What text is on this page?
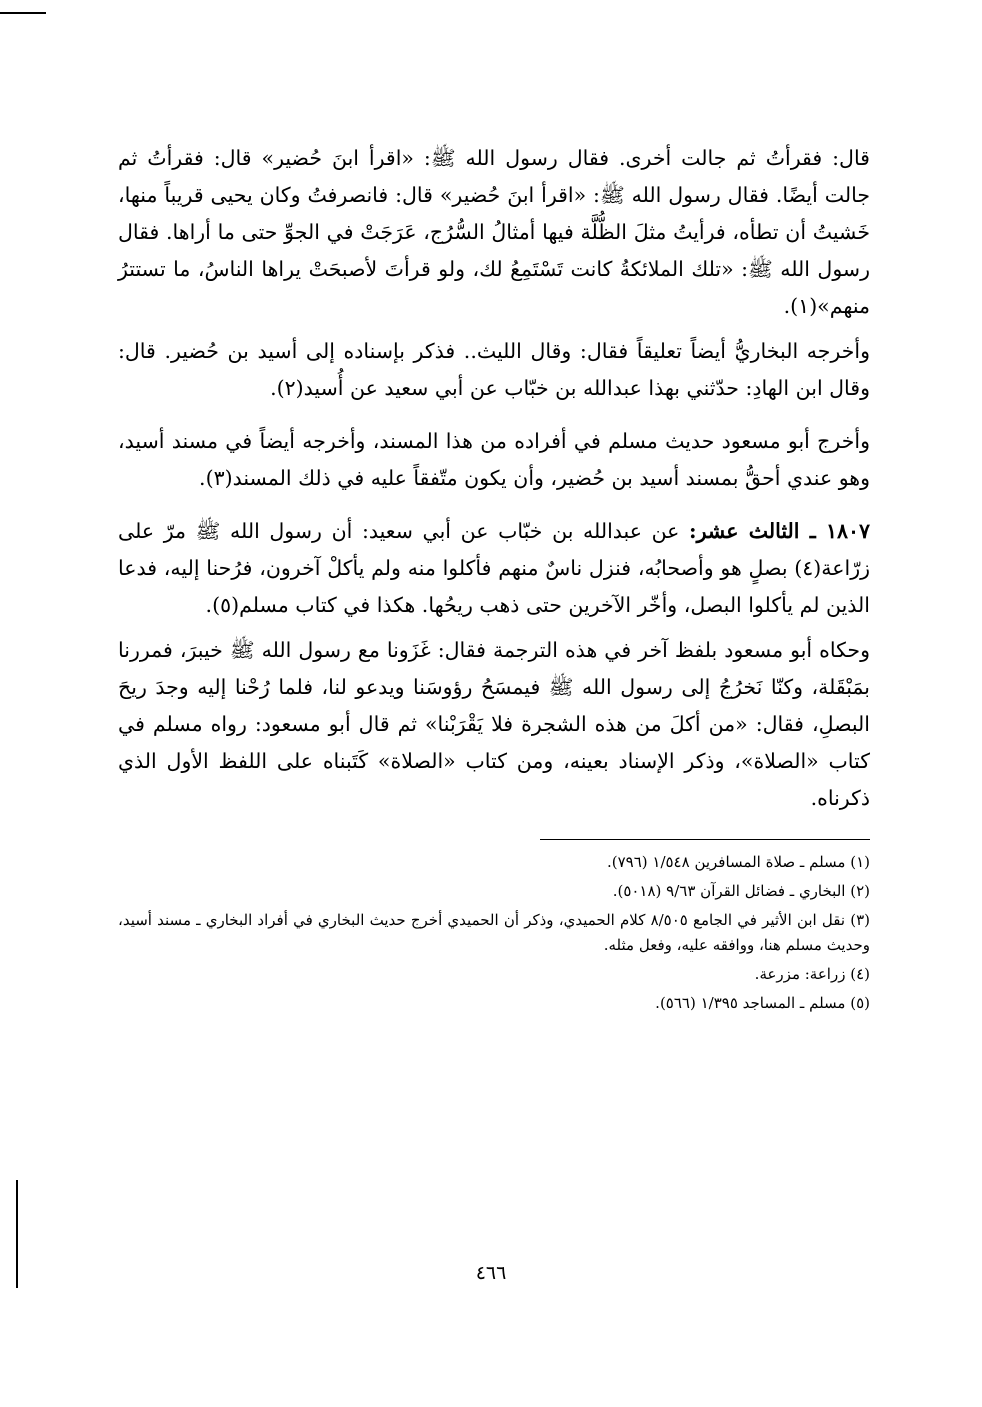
قال: فقرأتُ ثم جالت أخرى. فقال رسول الله ﷺ: «اقرأ ابنَ حُضير» قال: فقرأتُ ثم جالت أيضًا. فقال رسول الله ﷺ: «اقرأ ابنَ حُضير» قال: فانصرفتُ وكان يحيى قريباً منها، خَشيتُ أن تطأه، فرأيتُ مثلَ الظُّلَّة فيها أمثالُ السُّرُج، عَرَجَتْ في الجوِّ حتى ما أراها. فقال رسول الله ﷺ: «تلك الملائكةُ كانت تَسْتَمِعُ لك، ولو قرأتَ لأصبحَتْ يراها الناسُ، ما تستترُ منهم»(١).

وأخرجه البخاريُّ أيضاً تعليقاً فقال: وقال الليث.. فذكر بإسناده إلى أسيد بن حُضير. قال: وقال ابن الهادِ: حدّثني بهذا عبدالله بن خبّاب عن أبي سعيد عن أُسيد(٢).

وأخرج أبو مسعود حديث مسلم في أفراده من هذا المسند، وأخرجه أيضاً في مسند أسيد، وهو عندي أحقُّ بمسند أسيد بن حُضير، وأن يكون متّفقاً عليه في ذلك المسند(٣).

١٨٠٧ ـ الثالث عشر: عن عبدالله بن خبّاب عن أبي سعيد: أن رسول الله ﷺ مرّ على زرّاعة(٤) بصلٍ هو وأصحابُه، فنزل ناسٌ منهم فأكلوا منه ولم يأكلْ آخرون، فرُحنا إليه، فدعا الذين لم يأكلوا البصل، وأخّر الآخرين حتى ذهب ريحُها. هكذا في كتاب مسلم(٥).

وحكاه أبو مسعود بلفظ آخر في هذه الترجمة فقال: غَزَونا مع رسول الله ﷺ خيبرَ، فمررنا بمَبْقَلة، وكنّا نَخرُجُ إلى رسول الله ﷺ فيمسَحُ رؤوسَنا ويدعو لنا، فلما رُحْنا إليه وجدَ ريحَ البصلِ، فقال: «من أكلَ من هذه الشجرة فلا يَقْرَبْنا» ثم قال أبو مسعود: رواه مسلم في كتاب «الصلاة»، وذكر الإسناد بعينه، ومن كتاب «الصلاة» كَتَبناه على اللفظ الأول الذي ذكرناه.

(١) مسلم ـ صلاة المسافرين ١/٥٤٨ (٧٩٦).

(٢) البخاري ـ فضائل القرآن ٩/٦٣ (٥٠١٨).

(٣) نقل ابن الأثير في الجامع ٨/٥٠٥ كلام الحميدي، وذكر أن الحميدي أخرج حديث البخاري في أفراد البخاري ـ مسند أسيد، وحديث مسلم هنا، ووافقه عليه، وفعل مثله.

(٤) زراعة: مزرعة.

(٥) مسلم ـ المساجد ١/٣٩٥ (٥٦٦).

٤٦٦
